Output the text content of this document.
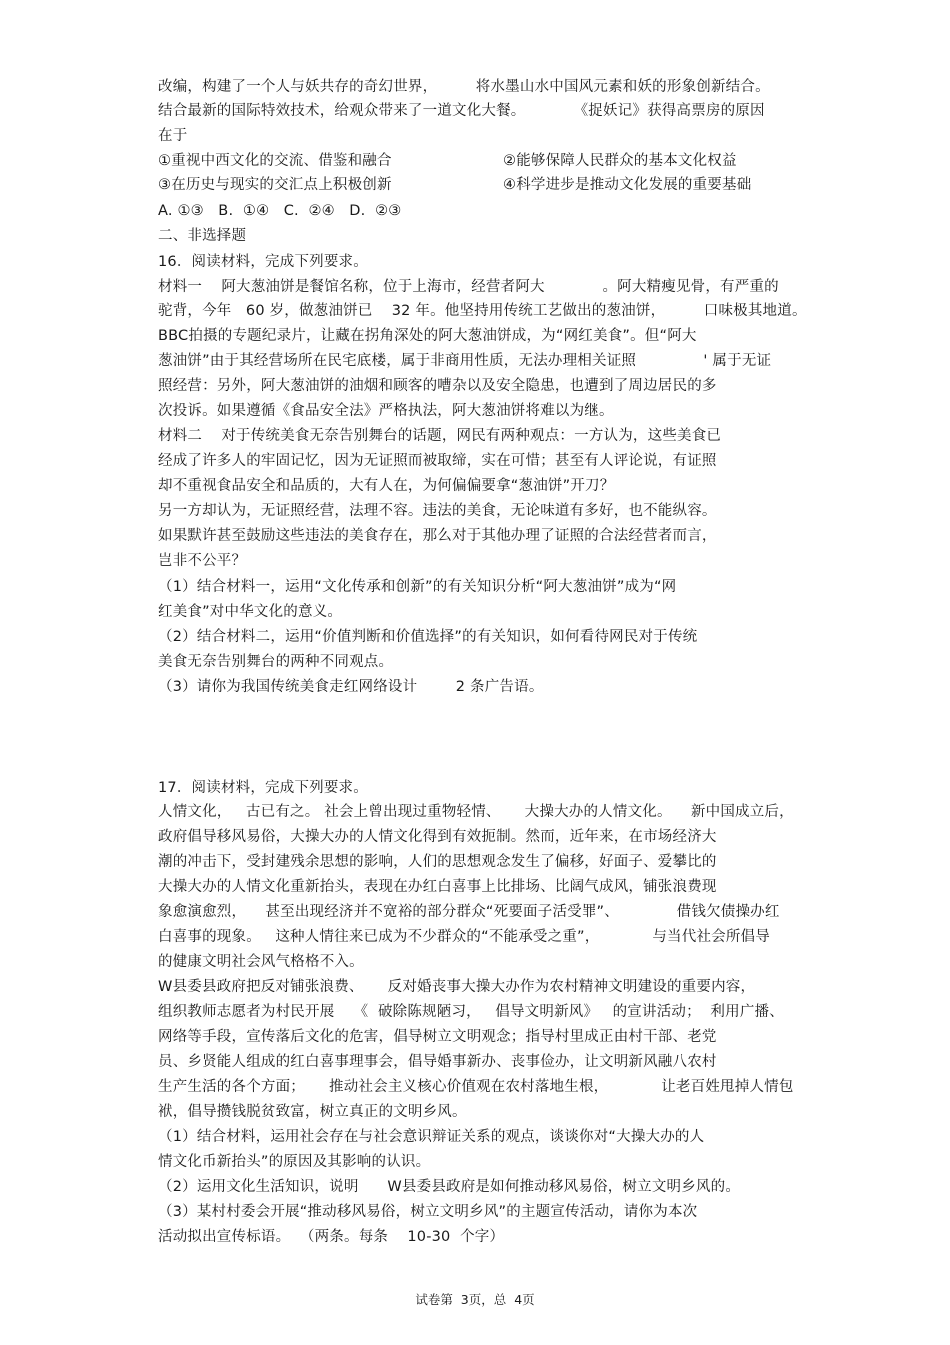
改编，构建了一个人与妖共存的奇幻世界，        将水墨山水中国风元素和妖的形象创新结合。
结合最新的国际特效技术，给观众带来了一道文化大餐。          《捉妖记》获得高票房的原因
在于
①重视中西文化的交流、借鉴和融合	②能够保障人民群众的基本文化权益
③在历史与现实的交汇点上积极创新	④科学进步是推动文化发展的重要基础
A. ①③   B.  ①④   C.  ②④   D.  ②③
二、非选择题
16．阅读材料，完成下列要求。
材料一    阿大葱油饼是餐馆名称，位于上海市，经营者阿大            。阿大精瘦见骨，有严重的
驼背，今年   60 岁，做葱油饼已    32 年。他坚持用传统工艺做出的葱油饼，        口味极其地道。
BBC拍摄的专题纪录片，让藏在拐角深处的阿大葱油饼成，为“网红美食”。但“阿大
葱油饼”由于其经营场所在民宅底楼，属于非商用性质，无法办理相关证照              ' 属于无证
照经营：另外，阿大葱油饼的油烟和顾客的嘈杂以及安全隐患，也遭到了周边居民的多
次投诉。如果遵循《食品安全法》严格执法，阿大葱油饼将难以为继。
材料二    对于传统美食无奈告别舞台的话题，网民有两种观点：一方认为，这些美食已
经成了许多人的牢固记忆，因为无证照而被取缔，实在可惜；甚至有人评论说，有证照
却不重视食品安全和品质的，大有人在，为何偏偏要拿“葱油饼”开刀？
另一方却认为，无证照经营，法理不容。违法的美食，无论味道有多好，也不能纵容。
如果默许甚至鼓励这些违法的美食存在，那么对于其他办理了证照的合法经营者而言，
岂非不公平？
（1）结合材料一，运用“文化传承和创新”的有关知识分析“阿大葱油饼”成为“网
红美食”对中华文化的意义。
（2）结合材料二，运用“价值判断和价值选择”的有关知识，如何看待网民对于传统
美食无奈告别舞台的两种不同观点。
（3）请你为我国传统美食走红网络设计        2 条广告语。
17．阅读材料，完成下列要求。
人情文化，   古已有之。 社会上曾出现过重物轻情、     大操大办的人情文化。    新中国成立后，
政府倡导移风易俗，大操大办的人情文化得到有效扼制。然而，近年来，在市场经济大
潮的冲击下，受封建残余思想的影响，人们的思想观念发生了偏移，好面子、爱攀比的
大操大办的人情文化重新抬头，表现在办红白喜事上比排场、比阔气成风，铺张浪费现
象愈演愈烈，    甚至出现经济并不宽裕的部分群众“死要面子活受罪”、            借钱欠债操办红
白喜事的现象。   这种人情往来已成为不少群众的“不能承受之重”，           与当代社会所倡导
的健康文明社会风气格格不入。
W县委县政府把反对铺张浪费、     反对婚丧事大操大办作为农村精神文明建设的重要内容，
组织教师志愿者为村民开展    《  破除陈规陋习，   倡导文明新风》   的宣讲活动；  利用广播、
网络等手段，宣传落后文化的危害，倡导树立文明观念；指导村里成正由村干部、老党
员、乡贤能人组成的红白喜事理事会，倡导婚事新办、丧事俭办，让文明新风融八农村
生产生活的各个方面；     推动社会主义核心价值观在农村落地生根，           让老百姓甩掉人情包
袱，倡导攒钱脱贫致富，树立真正的文明乡风。
（1）结合材料，运用社会存在与社会意识辩证关系的观点，谈谈你对“大操大办的人
情文化币新抬头”的原因及其影响的认识。
（2）运用文化生活知识，说明      W县委县政府是如何推动移风易俗，树立文明乡风的。
（3）某村村委会开展“推动移风易俗，树立文明乡风”的主题宣传活动，请你为本次
活动拟出宣传标语。  （两条。每条    10-30  个字）
试卷第  3页，总  4页
